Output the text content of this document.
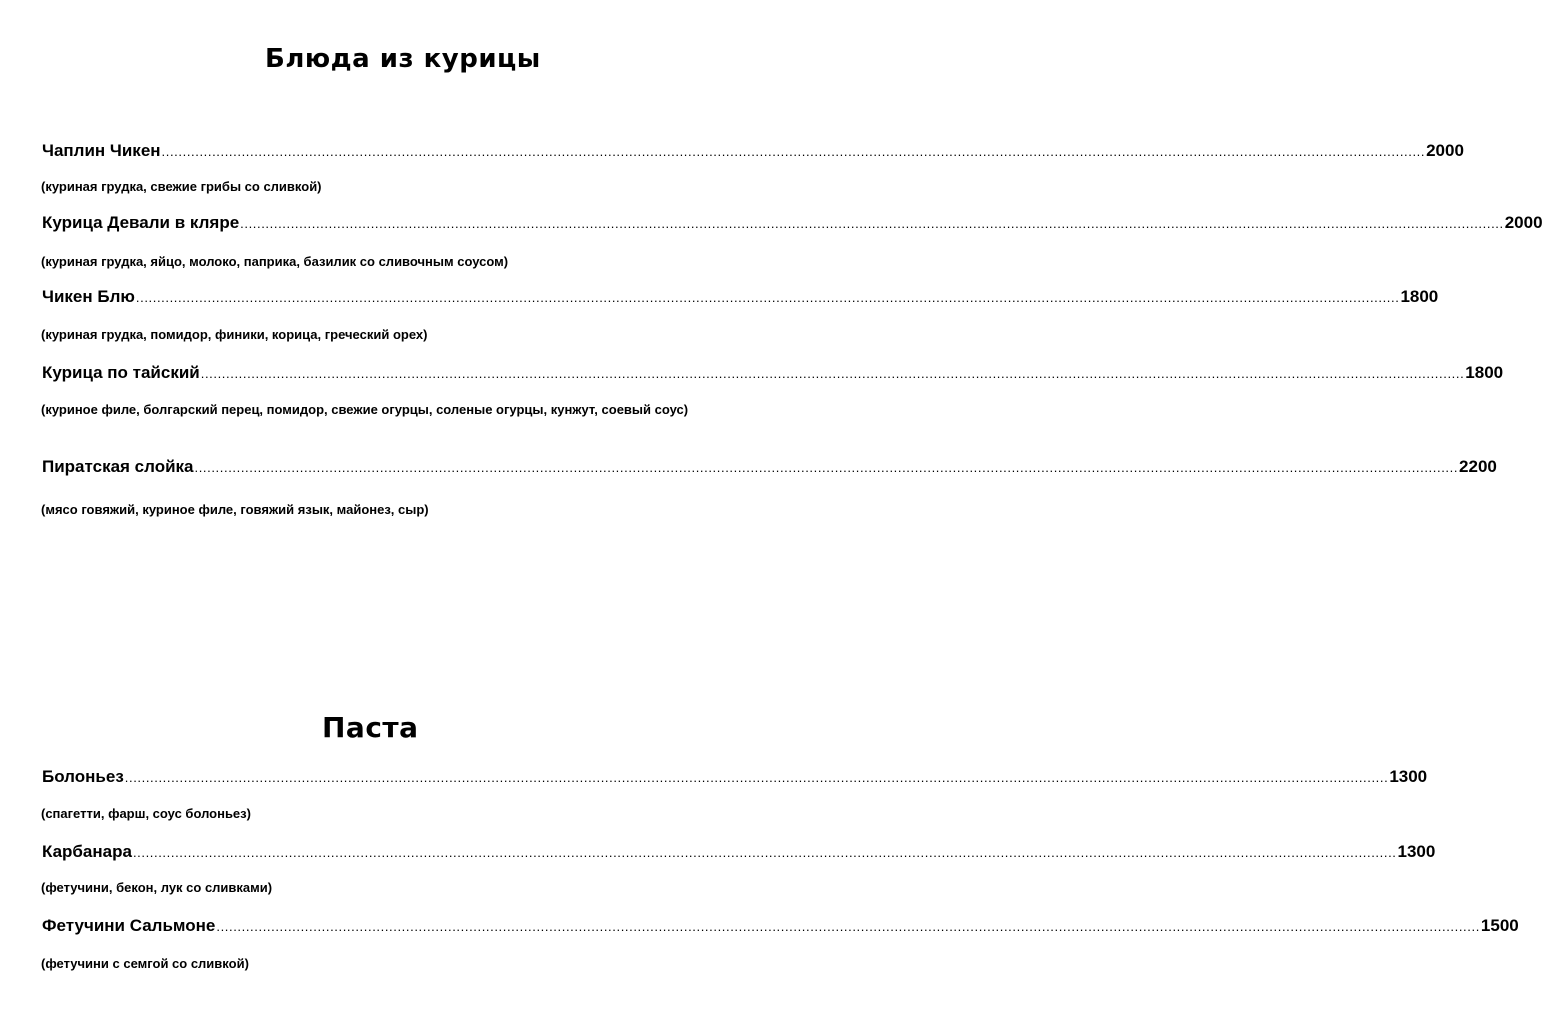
Блюда из курицы
Чаплин Чикен ............................................................................................................................................................................................................................................................................................................ 2000
(куриная грудка, свежие грибы со сливкой)
Курица Девали в кляре ............................................................................................................................................................................................................................................................................................................ 2000
(куриная грудка, яйцо, молоко, паприка, базилик со сливочным соусом)
Чикен Блю ............................................................................................................................................................................................................................................................................................................ 1800
(куриная грудка, помидор, финики, корица, греческий орех)
Курица по тайский ............................................................................................................................................................................................................................................................................................................ 1800
(куриное филе, болгарский перец, помидор, свежие огурцы, соленые огурцы, кунжут, соевый соус)
Пиратская слойка ............................................................................................................................................................................................................................................................................................................ 2200
(мясо говяжий, куриное филе, говяжий язык, майонез, сыр)
Паста
Болоньез ............................................................................................................................................................................................................................................................................................................ 1300
(спагетти, фарш, соус болоньез)
Карбанара ............................................................................................................................................................................................................................................................................................................ 1300
(фетучини, бекон, лук со сливками)
Фетучини Сальмоне ............................................................................................................................................................................................................................................................................................................ 1500
(фетучини с семгой со сливкой)
